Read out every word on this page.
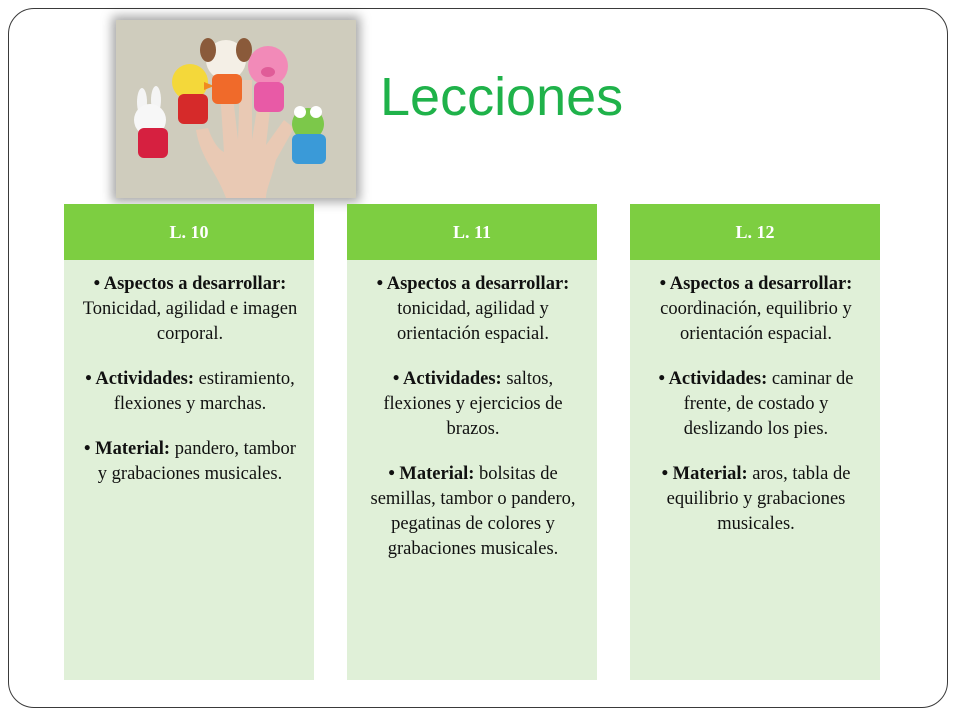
Lecciones
L. 10
• Aspectos a desarrollar: Tonicidad, agilidad e imagen corporal.
• Actividades: estiramiento, flexiones y marchas.
• Material: pandero, tambor y grabaciones musicales.
L. 11
• Aspectos a desarrollar: tonicidad, agilidad y orientación espacial.
• Actividades: saltos, flexiones y ejercicios de brazos.
• Material: bolsitas de semillas, tambor o pandero, pegatinas de colores y grabaciones musicales.
L. 12
• Aspectos a desarrollar: coordinación, equilibrio y orientación espacial.
• Actividades: caminar de frente, de costado y deslizando los pies.
• Material: aros, tabla de equilibrio y grabaciones musicales.
